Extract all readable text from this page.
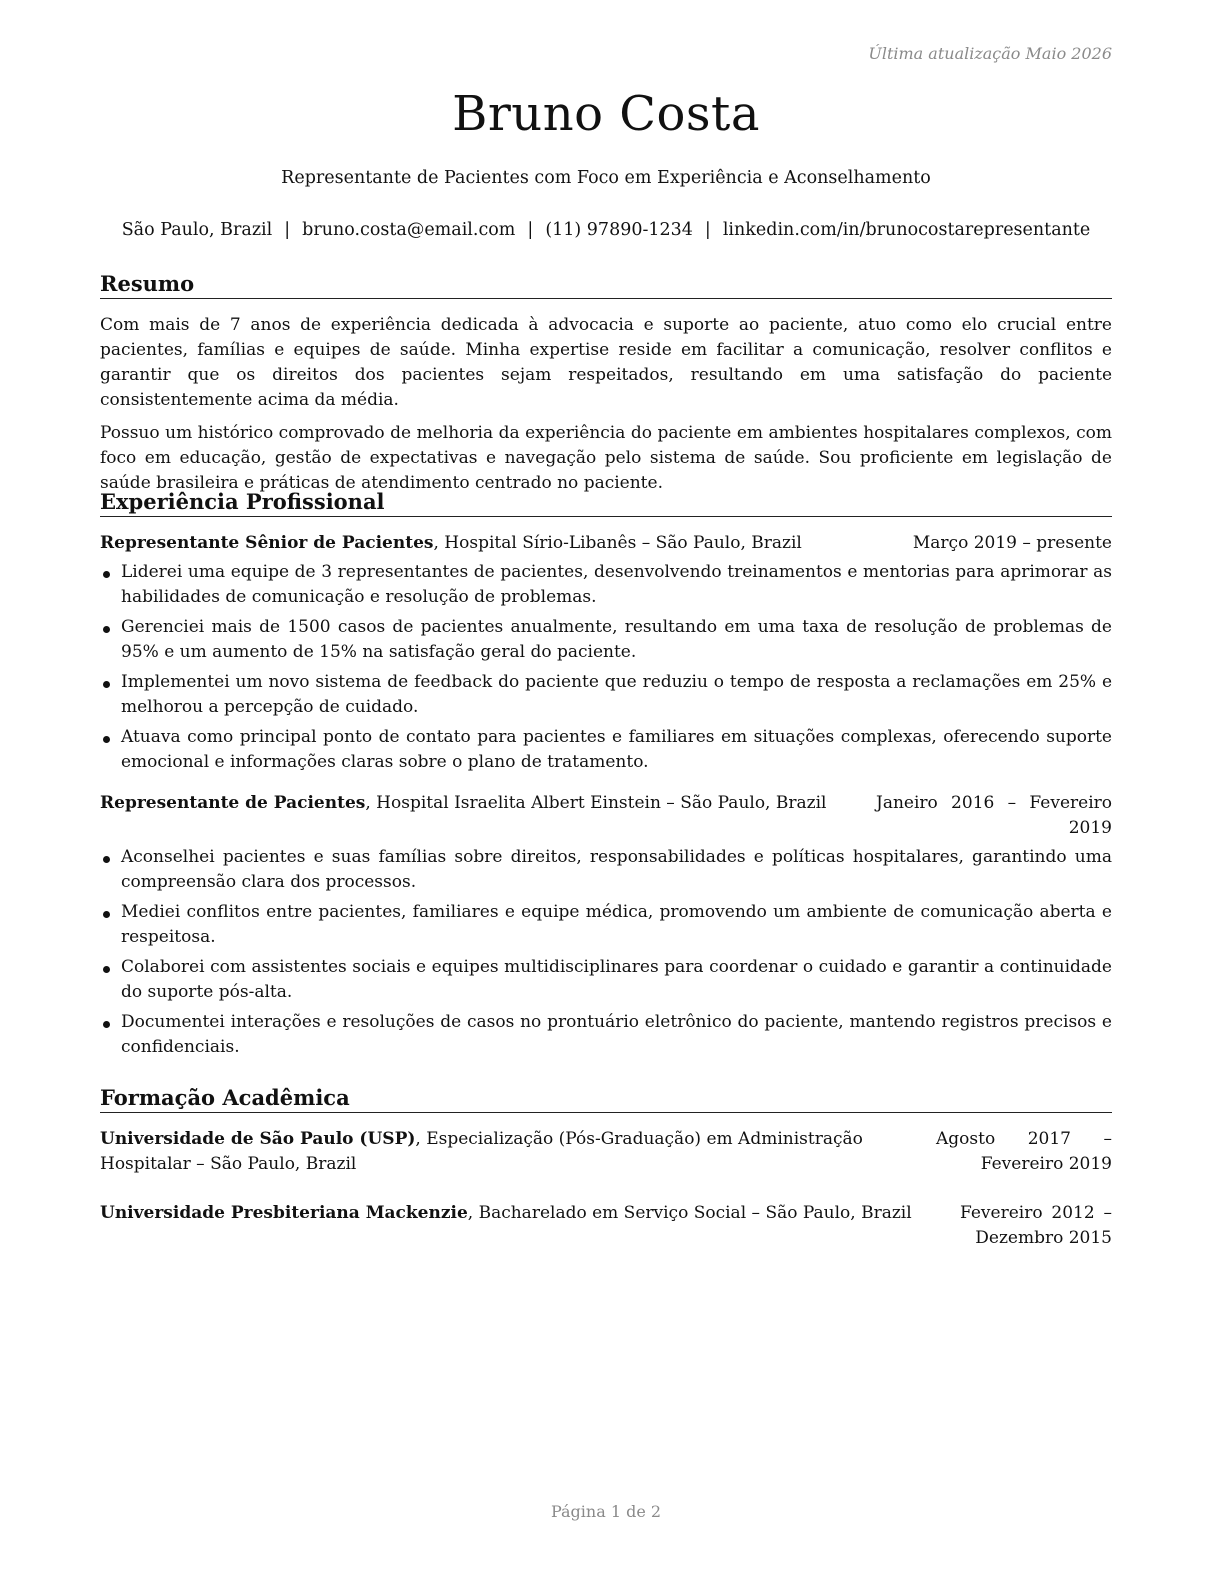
Última atualização Maio 2026
Bruno Costa
Representante de Pacientes com Foco em Experiência e Aconselhamento
São Paulo, Brazil | bruno.costa@email.com | (11) 97890-1234 | linkedin.com/in/brunocostarepresentante
Resumo

Com mais de 7 anos de experiência dedicada à advocacia e suporte ao paciente, atuo como elo crucial entre pacientes, famílias e equipes de saúde. Minha expertise reside em facilitar a comunicação, resolver conflitos e garantir que os direitos dos pacientes sejam respeitados, resultando em uma satisfação do paciente consistentemente acima da média.

Possuo um histórico comprovado de melhoria da experiência do paciente em ambientes hospitalares complexos, com foco em educação, gestão de expectativas e navegação pelo sistema de saúde. Sou proficiente em legislação de saúde brasileira e práticas de atendimento centrado no paciente.

Experiência Profissional
Representante Sênior de Pacientes, Hospital Sírio-Libanês – São Paulo, Brazil	Março 2019 – presente
Liderei uma equipe de 3 representantes de pacientes, desenvolvendo treinamentos e mentorias para aprimorar as habilidades de comunicação e resolução de problemas.
Gerenciei mais de 1500 casos de pacientes anualmente, resultando em uma taxa de resolução de problemas de 95% e um aumento de 15% na satisfação geral do paciente.
Implementei um novo sistema de feedback do paciente que reduziu o tempo de resposta a reclamações em 25% e melhorou a percepção de cuidado.
Atuava como principal ponto de contato para pacientes e familiares em situações complexas, oferecendo suporte emocional e informações claras sobre o plano de tratamento.
Representante de Pacientes, Hospital Israelita Albert Einstein – São Paulo, Brazil	Janeiro 2016 – Fevereiro 2019
Aconselhei pacientes e suas famílias sobre direitos, responsabilidades e políticas hospitalares, garantindo uma compreensão clara dos processos.
Mediei conflitos entre pacientes, familiares e equipe médica, promovendo um ambiente de comunicação aberta e respeitosa.
Colaborei com assistentes sociais e equipes multidisciplinares para coordenar o cuidado e garantir a continuidade do suporte pós-alta.
Documentei interações e resoluções de casos no prontuário eletrônico do paciente, mantendo registros precisos e confidenciais.
Formação Acadêmica
Universidade de São Paulo (USP), Especialização (Pós-Graduação) em Administração Hospitalar – São Paulo, Brazil
Agosto 2017 – Fevereiro 2019
Universidade Presbiteriana Mackenzie, Bacharelado em Serviço Social – São Paulo, Brazil	Fevereiro 2012 – Dezembro 2015
Página 1 de 2
